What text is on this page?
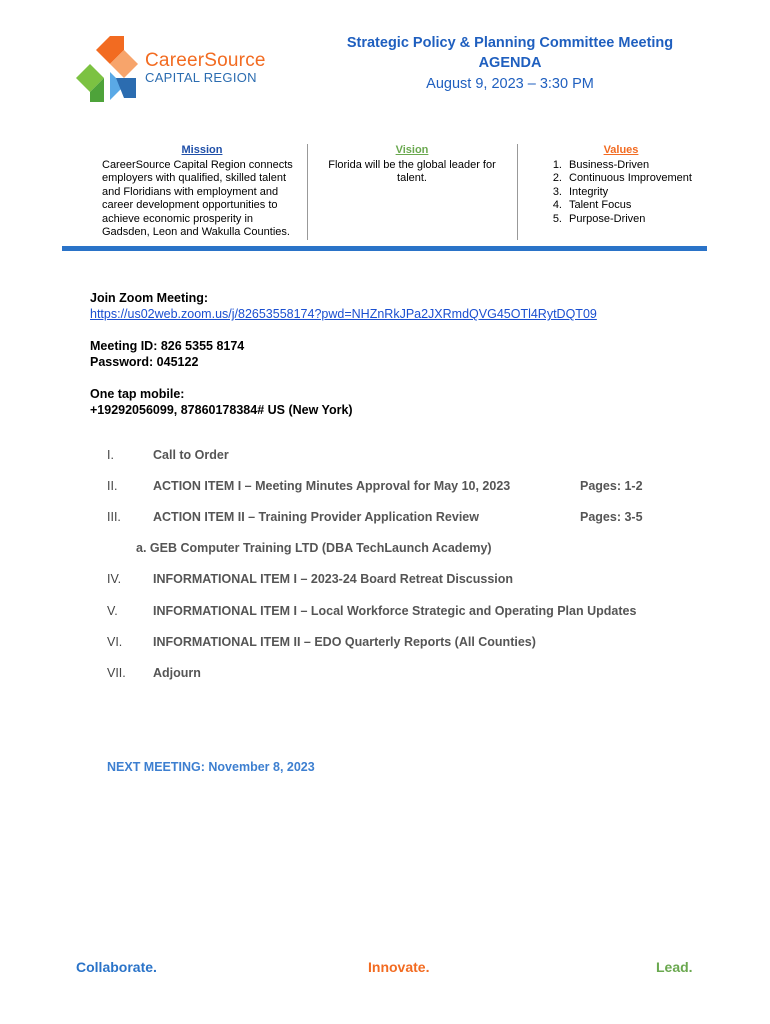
CareerSource
CAPITAL REGION
Strategic Policy & Planning Committee Meeting
AGENDA
August 9, 2023 – 3:30 PM
Mission
CareerSource Capital Region connects employers with qualified, skilled talent and Floridians with employment and career development opportunities to achieve economic prosperity in Gadsden, Leon and Wakulla Counties.
Vision
Florida will be the global leader for talent.
Values
1. Business-Driven
2. Continuous Improvement
3. Integrity
4. Talent Focus
5. Purpose-Driven
Join Zoom Meeting:
https://us02web.zoom.us/j/82653558174?pwd=NHZnRkJPa2JXRmdQVG45OTl4RytDQT09
Meeting ID: 826 5355 8174
Password: 045122
One tap mobile:
+19292056099, 87860178384# US (New York)
I.	Call to Order
II.	ACTION ITEM I – Meeting Minutes Approval for May 10, 2023	Pages: 1-2
III.	ACTION ITEM II – Training Provider Application Review	Pages: 3-5
a. GEB Computer Training LTD (DBA TechLaunch Academy)
IV.	INFORMATIONAL ITEM I – 2023-24 Board Retreat Discussion
V.	INFORMATIONAL ITEM I – Local Workforce Strategic and Operating Plan Updates
VI. INFORMATIONAL ITEM II – EDO Quarterly Reports (All Counties)
VII. Adjourn
NEXT MEETING: November 8, 2023
Collaborate.	Innovate.	Lead.
